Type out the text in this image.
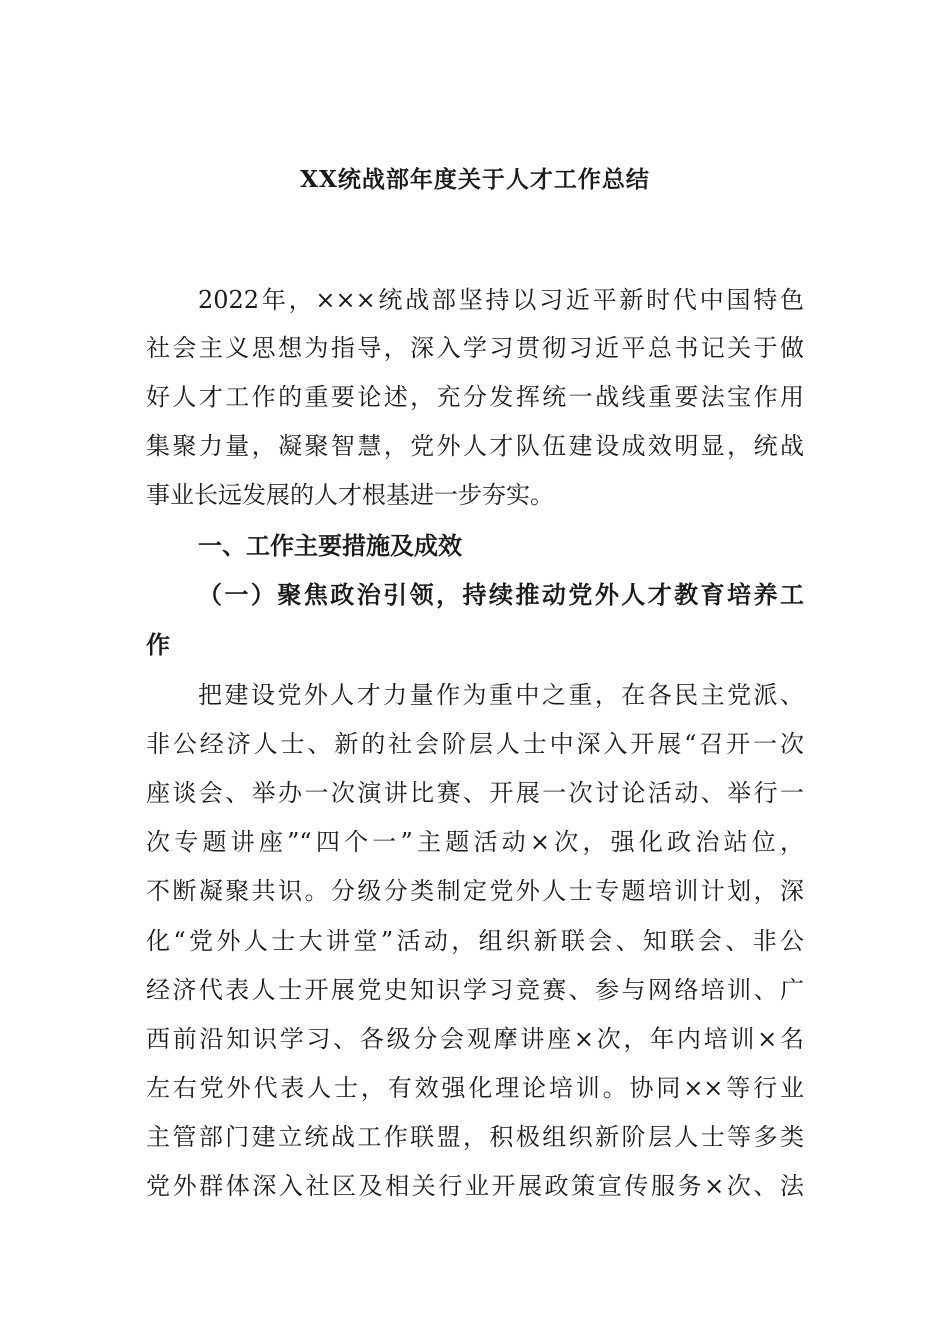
XX统战部年度关于人才工作总结
2022年，×××统战部坚持以习近平新时代中国特色
社会主义思想为指导，深入学习贯彻习近平总书记关于做
好人才工作的重要论述，充分发挥统一战线重要法宝作用
集聚力量，凝聚智慧，党外人才队伍建设成效明显，统战
事业长远发展的人才根基进一步夯实。
一、工作主要措施及成效
（一）聚焦政治引领，持续推动党外人才教育培养工
作
把建设党外人才力量作为重中之重，在各民主党派、
非公经济人士、新的社会阶层人士中深入开展“召开一次
座谈会、举办一次演讲比赛、开展一次讨论活动、举行一
次专题讲座”“四个一”主题活动×次，强化政治站位，
不断凝聚共识。分级分类制定党外人士专题培训计划，深
化“党外人士大讲堂”活动，组织新联会、知联会、非公
经济代表人士开展党史知识学习竞赛、参与网络培训、广
西前沿知识学习、各级分会观摩讲座×次，年内培训×名
左右党外代表人士，有效强化理论培训。协同××等行业
主管部门建立统战工作联盟，积极组织新阶层人士等多类
党外群体深入社区及相关行业开展政策宣传服务×次、法
